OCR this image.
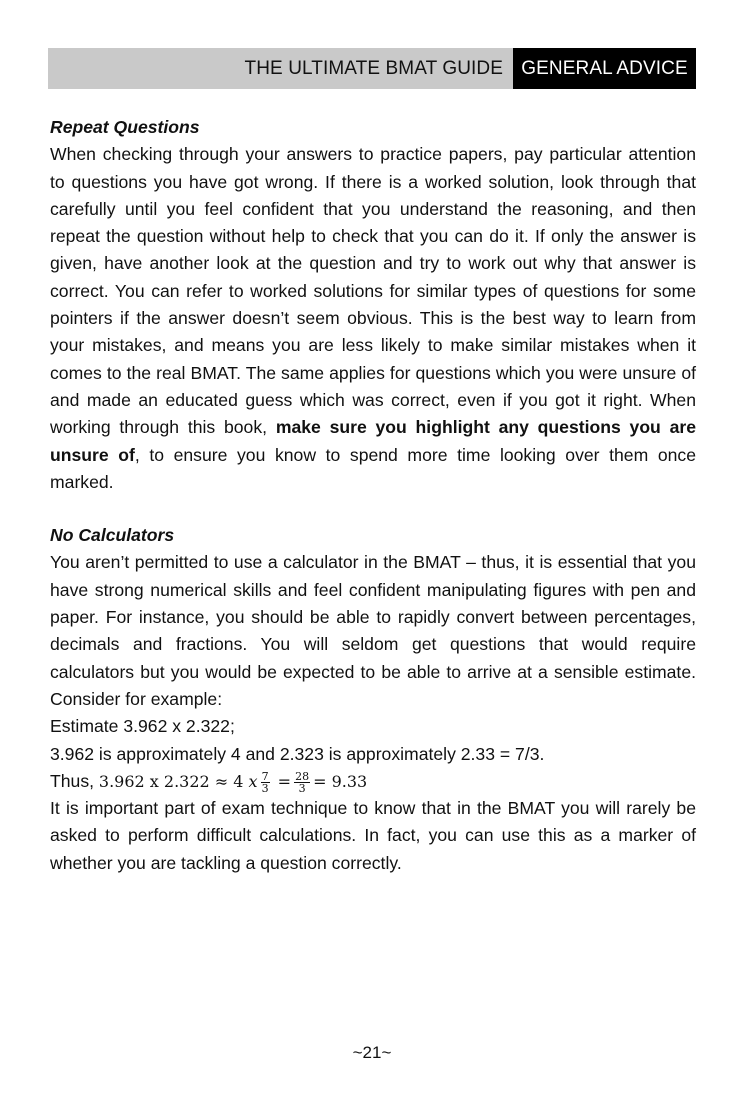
THE ULTIMATE BMAT GUIDE GENERAL ADVICE

Repeat Questions

When checking through your answers to practice papers, pay particular attention to questions you have got wrong. If there is a worked solution, look through that carefully until you feel confident that you understand the reasoning, and then repeat the question without help to check that you can do it. If only the answer is given, have another look at the question and try to work out why that answer is correct. You can refer to worked solutions for similar types of questions for some pointers if the answer doesn’t seem obvious. This is the best way to learn from your mistakes, and means you are less likely to make similar mistakes when it comes to the real BMAT. The same applies for questions which you were unsure of and made an educated guess which was correct, even if you got it right. When working through this book, make sure you highlight any questions you are unsure of, to ensure you know to spend more time looking over them once marked.

No Calculators

You aren’t permitted to use a calculator in the BMAT – thus, it is essential that you have strong numerical skills and feel confident manipulating figures with pen and paper. For instance, you should be able to rapidly convert between percentages, decimals and fractions. You will seldom get questions that would require calculators but you would be expected to be able to arrive at a sensible estimate. Consider for example:

Estimate 3.962 x 2.322;

3.962 is approximately 4 and 2.323 is approximately 2.33 = 7/3.

Thus, 3.962 x 2.322 ≈ 4 x $\frac{7}{3} = \frac{28}{3} = 9.33$

It is important part of exam technique to know that in the BMAT you will rarely be asked to perform difficult calculations. In fact, you can use this as a marker of whether you are tackling a question correctly.

~21~
